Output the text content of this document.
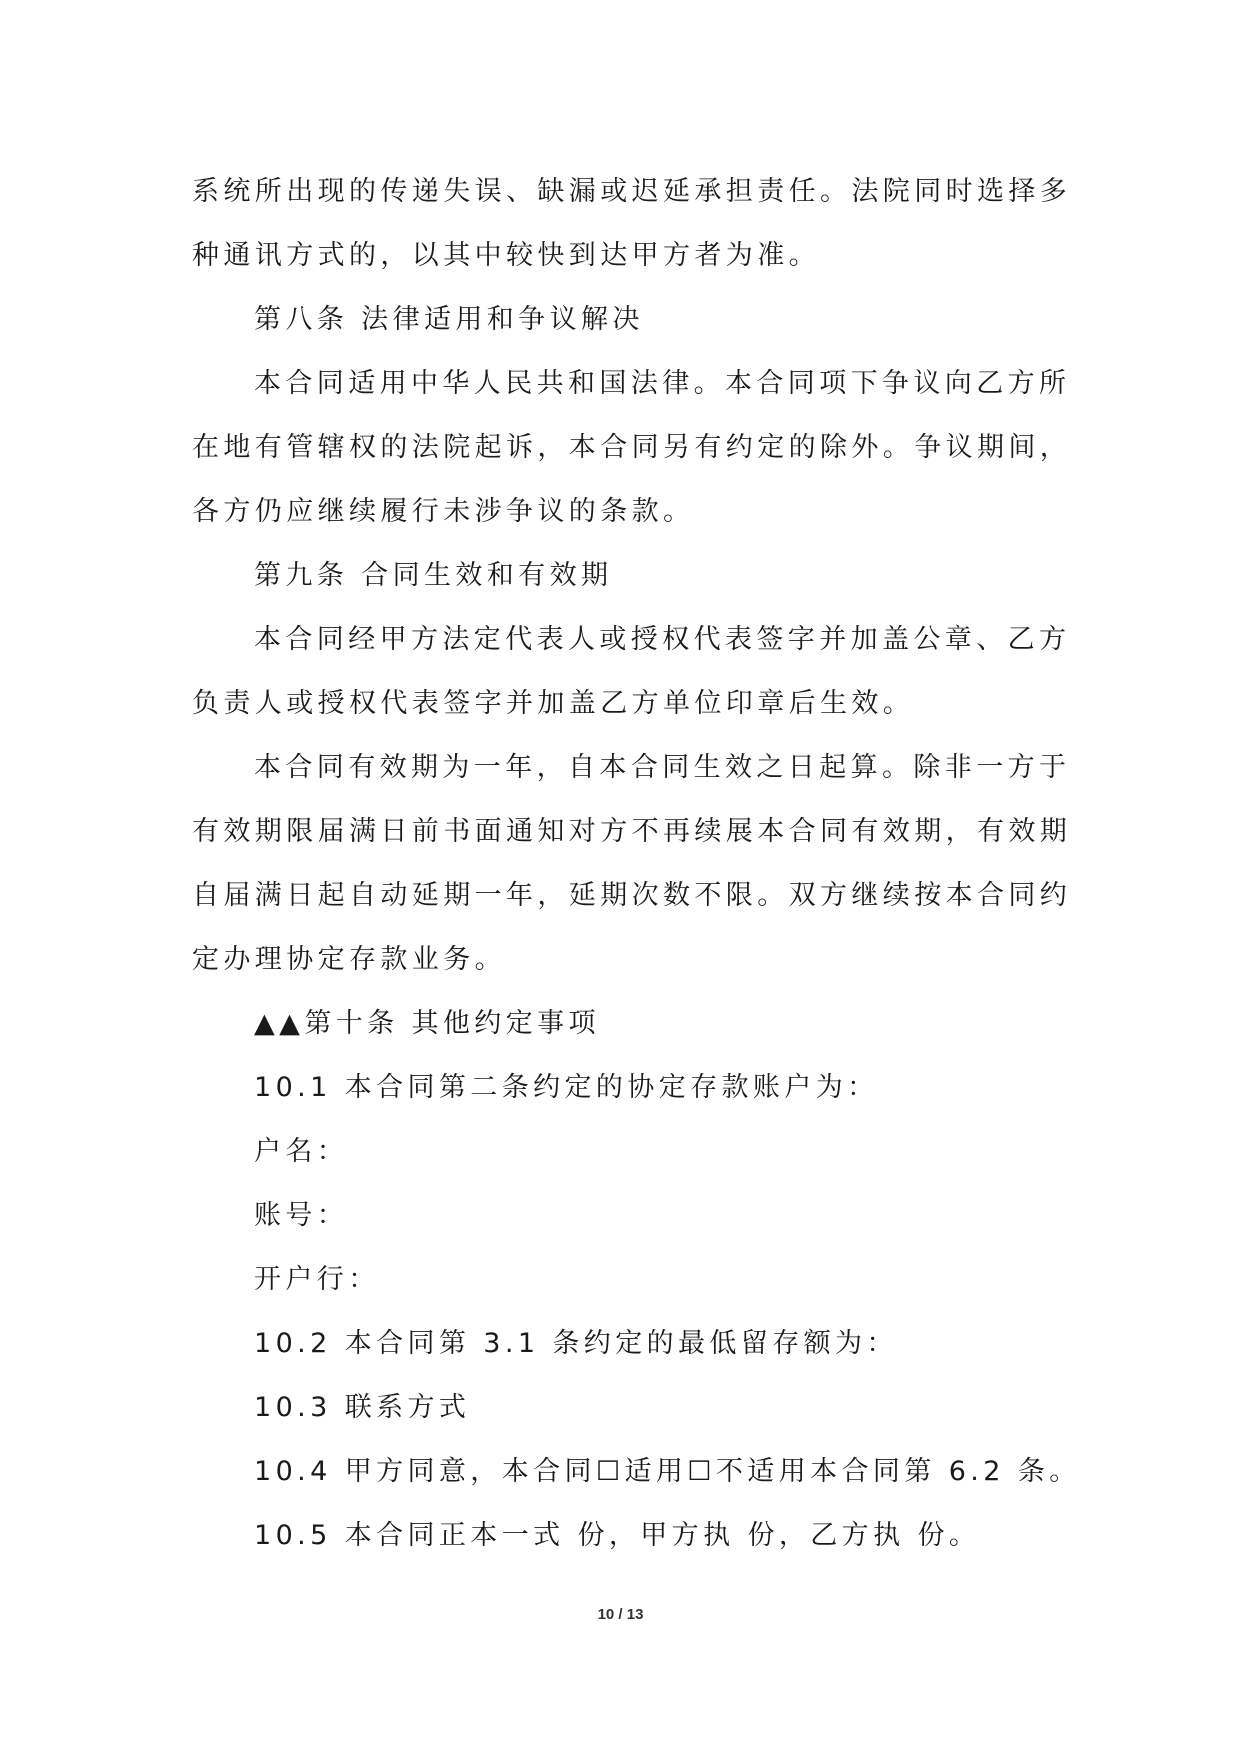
系统所出现的传递失误、缺漏或迟延承担责任。法院同时选择多
种通讯方式的，以其中较快到达甲方者为准。
第八条 法律适用和争议解决
本合同适用中华人民共和国法律。本合同项下争议向乙方所
在地有管辖权的法院起诉，本合同另有约定的除外。争议期间，
各方仍应继续履行未涉争议的条款。
第九条 合同生效和有效期
本合同经甲方法定代表人或授权代表签字并加盖公章、乙方
负责人或授权代表签字并加盖乙方单位印章后生效。
本合同有效期为一年，自本合同生效之日起算。除非一方于
有效期限届满日前书面通知对方不再续展本合同有效期，有效期
自届满日起自动延期一年，延期次数不限。双方继续按本合同约
定办理协定存款业务。
▲▲第十条 其他约定事项
10.1 本合同第二条约定的协定存款账户为：
户名：
账号：
开户行：
10.2 本合同第 3.1 条约定的最低留存额为：
10.3 联系方式
10.4 甲方同意，本合同☐适用☐不适用本合同第 6.2 条。
10.5 本合同正本一式 份，甲方执 份，乙方执 份。
10 / 13
